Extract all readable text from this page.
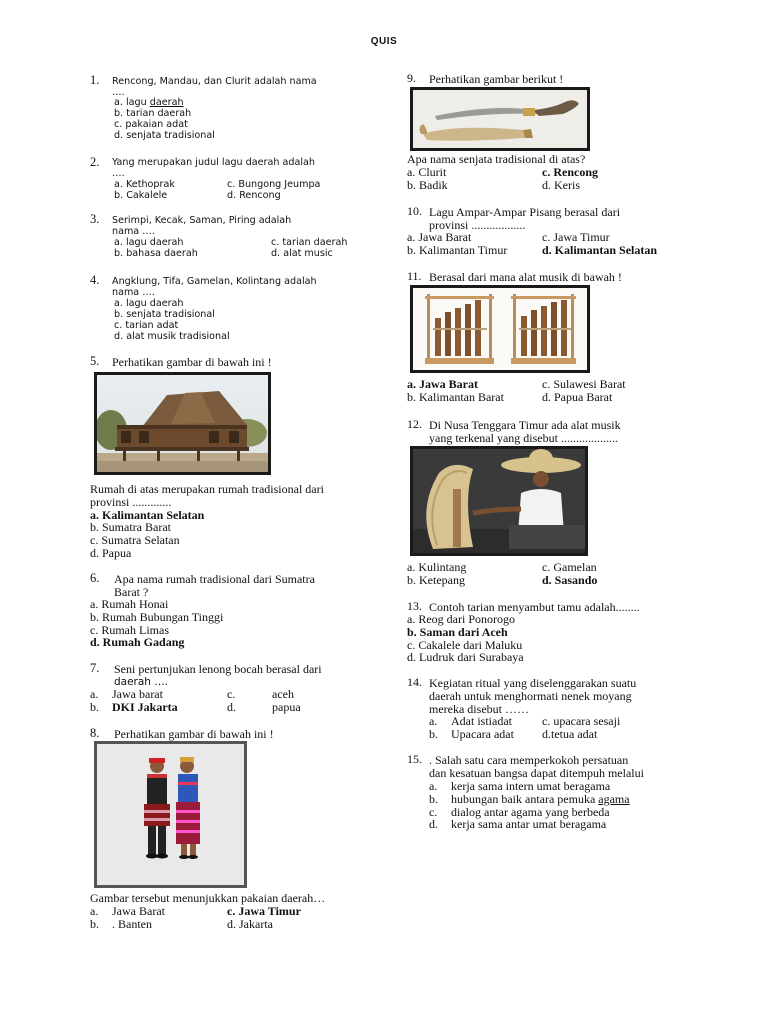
QUIS
1. Rencong, Mandau, dan Clurit adalah nama
….
a. lagu daerah
b. tarian daerah
c. pakaian adat
d. senjata tradisional
2. Yang merupakan judul lagu daerah adalah
….
a. Kethoprak	c. Bungong Jeumpa
b. Cakalele	d. Rencong
3. Serimpi, Kecak, Saman, Piring adalah
nama ….
a. lagu daerah	c. tarian daerah
b. bahasa daerah	d. alat music
4. Angklung, Tifa, Gamelan, Kolintang adalah
nama ….
a. lagu daerah
b. senjata tradisional
c. tarian adat
d. alat musik tradisional
5. Perhatikan gambar di bawah ini !
Rumah di atas merupakan rumah tradisional dari
provinsi .............
a. Kalimantan Selatan
b. Sumatra Barat
c. Sumatra Selatan
d. Papua
6. Apa nama rumah tradisional dari Sumatra
Barat ?
a. Rumah Honai
b. Rumah Bubungan Tinggi
c. Rumah Limas
d. Rumah Gadang
7. Seni pertunjukan lenong bocah berasal dari
daerah ….
a. Jawa barat	c.	aceh
b. DKI Jakarta	d.	papua
8. Perhatikan gambar di bawah ini !
Gambar tersebut menunjukkan pakaian daerah…
a. Jawa Barat	c. Jawa Timur
b. . Banten	d. Jakarta
9. Perhatikan gambar berikut !
Apa nama senjata tradisional di atas?
a. Clurit	c. Rencong
b. Badik	d. Keris
10. Lagu Ampar-Ampar Pisang berasal dari
provinsi ..................
a. Jawa Barat	c. Jawa Timur
b. Kalimantan Timur	d. Kalimantan Selatan
11. Berasal dari mana alat musik di bawah !
a. Jawa Barat	c. Sulawesi Barat
b. Kalimantan Barat	d. Papua Barat
12. Di Nusa Tenggara Timur ada alat musik
yang terkenal yang disebut ...................
a. Kulintang	c. Gamelan
b. Ketepang	d. Sasando
13. Contoh tarian menyambut tamu adalah........
a. Reog dari Ponorogo
b. Saman dari Aceh
c. Cakalele dari Maluku
d. Ludruk dari Surabaya
14. Kegiatan ritual yang diselenggarakan suatu
daerah untuk menghormati nenek moyang
mereka disebut ……
a. Adat istiadat	c. upacara sesaji
b. Upacara adat d.tetua adat
15. . Salah satu cara memperkokoh persatuan
dan kesatuan bangsa dapat ditempuh melalui
a. kerja sama intern umat beragama
b. hubungan baik antara pemuka agama
c. dialog antar agama yang berbeda
d. kerja sama antar umat beragama
